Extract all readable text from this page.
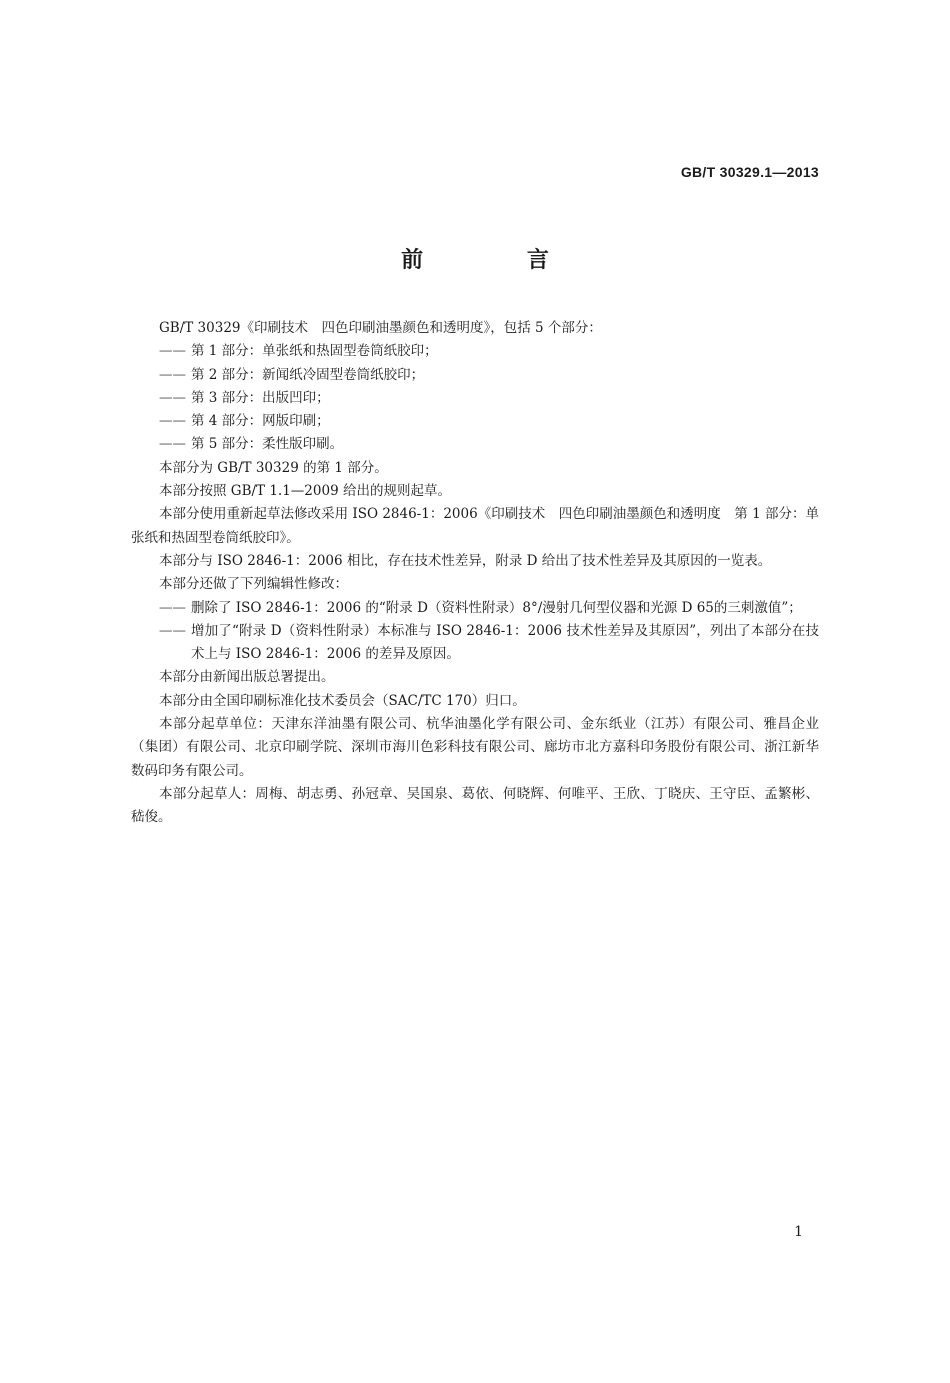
GB/T 30329.1—2013
前 言

GB/T 30329《印刷技术　四色印刷油墨颜色和透明度》，包括 5 个部分：

—— 第 1 部分：单张纸和热固型卷筒纸胶印；
—— 第 2 部分：新闻纸冷固型卷筒纸胶印；
—— 第 3 部分：出版凹印；
—— 第 4 部分：网版印刷；
—— 第 5 部分：柔性版印刷。

本部分为 GB/T 30329 的第 1 部分。

本部分按照 GB/T 1.1—2009 给出的规则起草。

本部分使用重新起草法修改采用 ISO 2846-1：2006《印刷技术　四色印刷油墨颜色和透明度　第 1 部分：单张纸和热固型卷筒纸胶印》。

本部分与 ISO 2846-1：2006 相比，存在技术性差异，附录 D 给出了技术性差异及其原因的一览表。

本部分还做了下列编辑性修改：

—— 删除了 ISO 2846-1：2006 的“附录 D（资料性附录）8°/漫射几何型仪器和光源 D 65的三刺激值”；
—— 增加了“附录 D（资料性附录）本标准与 ISO 2846-1：2006 技术性差异及其原因”，列出了本部分在技术上与 ISO 2846-1：2006 的差异及原因。

本部分由新闻出版总署提出。

本部分由全国印刷标准化技术委员会（SAC/TC 170）归口。

本部分起草单位：天津东洋油墨有限公司、杭华油墨化学有限公司、金东纸业（江苏）有限公司、雅昌企业（集团）有限公司、北京印刷学院、深圳市海川色彩科技有限公司、廊坊市北方嘉科印务股份有限公司、浙江新华数码印务有限公司。

本部分起草人：周梅、胡志勇、孙冠章、吴国泉、葛依、何晓辉、何唯平、王欣、丁晓庆、王守臣、孟繁彬、嵇俊。

1
